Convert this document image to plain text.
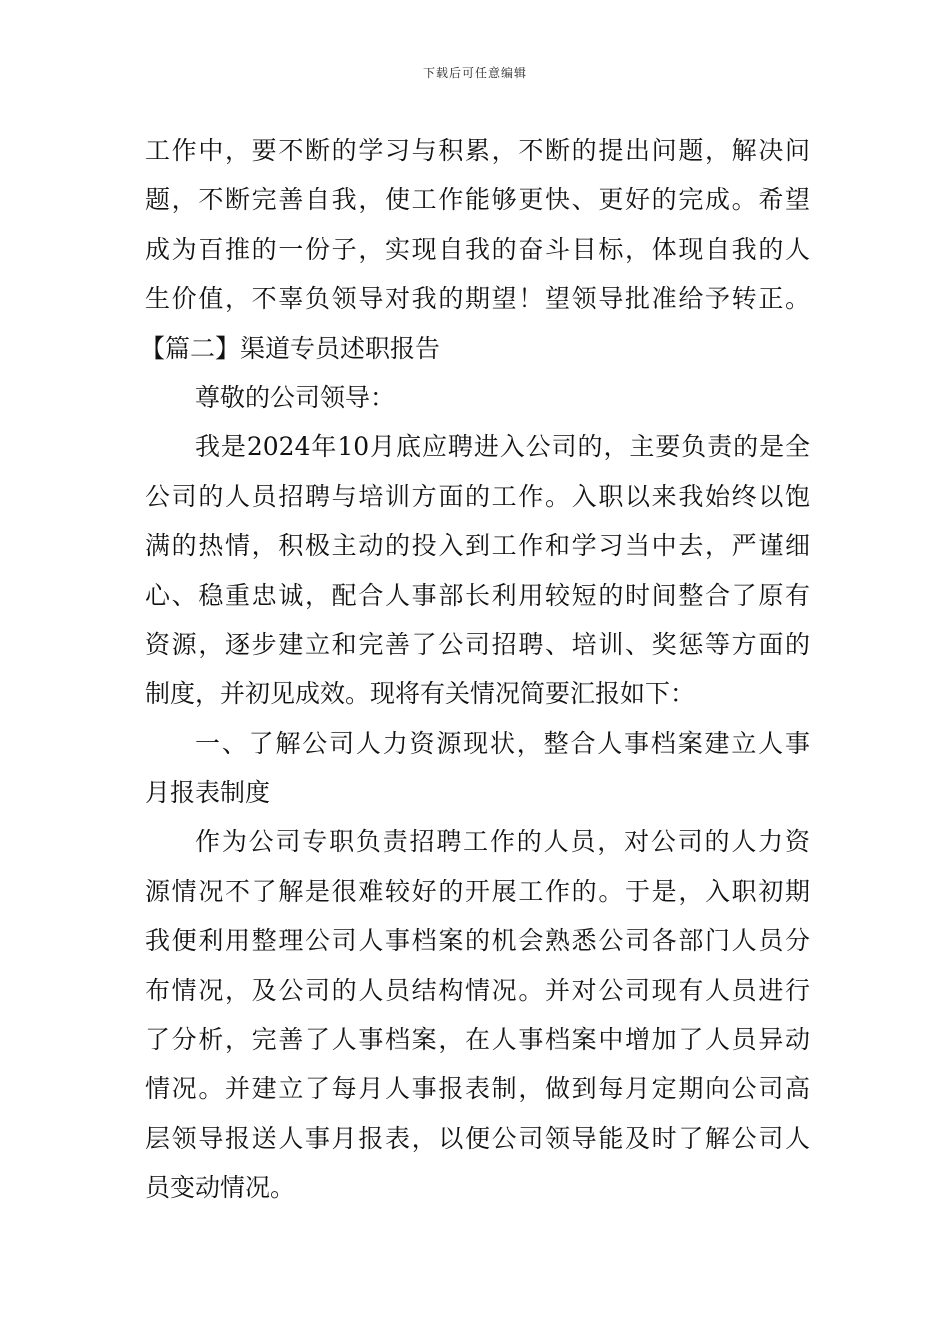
下载后可任意编辑
工作中，要不断的学习与积累，不断的提出问题，解决问
题，不断完善自我，使工作能够更快、更好的完成。希望
成为百推的一份子，实现自我的奋斗目标，体现自我的人
生价值，不辜负领导对我的期望！望领导批准给予转正。
【篇二】渠道专员述职报告
尊敬的公司领导：
我是2024年10月底应聘进入公司的，主要负责的是全
公司的人员招聘与培训方面的工作。入职以来我始终以饱
满的热情，积极主动的投入到工作和学习当中去，严谨细
心、稳重忠诚，配合人事部长利用较短的时间整合了原有
资源，逐步建立和完善了公司招聘、培训、奖惩等方面的
制度，并初见成效。现将有关情况简要汇报如下：
一、了解公司人力资源现状，整合人事档案建立人事
月报表制度
作为公司专职负责招聘工作的人员，对公司的人力资
源情况不了解是很难较好的开展工作的。于是，入职初期
我便利用整理公司人事档案的机会熟悉公司各部门人员分
布情况，及公司的人员结构情况。并对公司现有人员进行
了分析，完善了人事档案，在人事档案中增加了人员异动
情况。并建立了每月人事报表制，做到每月定期向公司高
层领导报送人事月报表，以便公司领导能及时了解公司人
员变动情况。
